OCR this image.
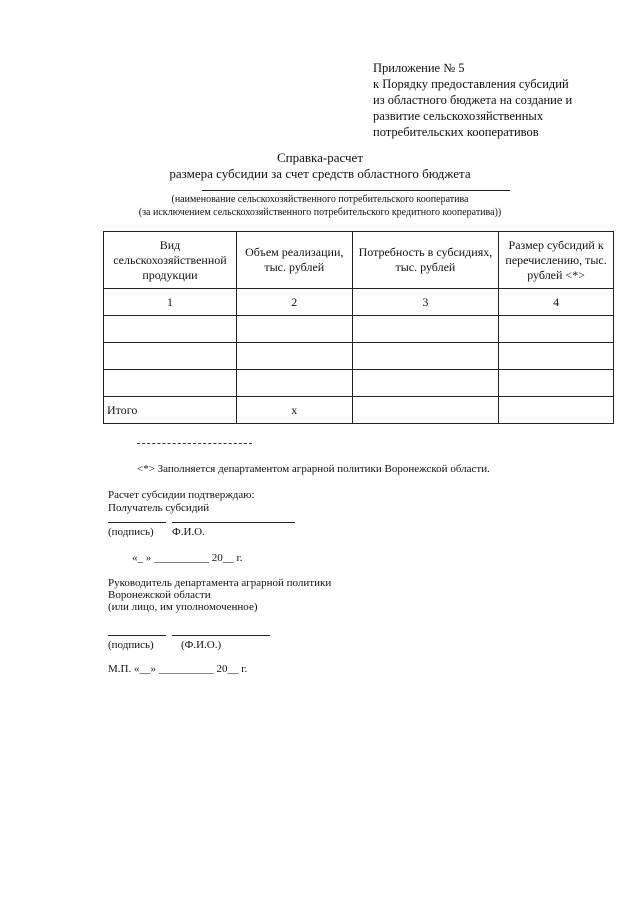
Приложение № 5
к Порядку предоставления субсидий
из областного бюджета на создание и
развитие сельскохозяйственных
потребительских кооперативов
Справка-расчет
размера субсидии за счет средств областного бюджета
(наименование сельскохозяйственного потребительского кооператива
(за исключением сельскохозяйственного потребительского кредитного кооператива))
Вид сельскохозяйственной продукции	Объем реализации, тыс. рублей	Потребность в субсидиях, тыс. рублей	Размер субсидий к перечислению, тыс. рублей <*>
1	2	3	4

Итого	х		
<*> Заполняется департаментом аграрной политики Воронежской области.
Расчет субсидии подтверждаю:
Получатель субсидий
(подпись) Ф.И.О.
«_ » __________ 20__ г.
Руководитель департамента аграрной политики
Воронежской области
(или лицо, им уполномоченное)
(подпись) (Ф.И.О.)
М.П. «__» __________ 20__ г.
